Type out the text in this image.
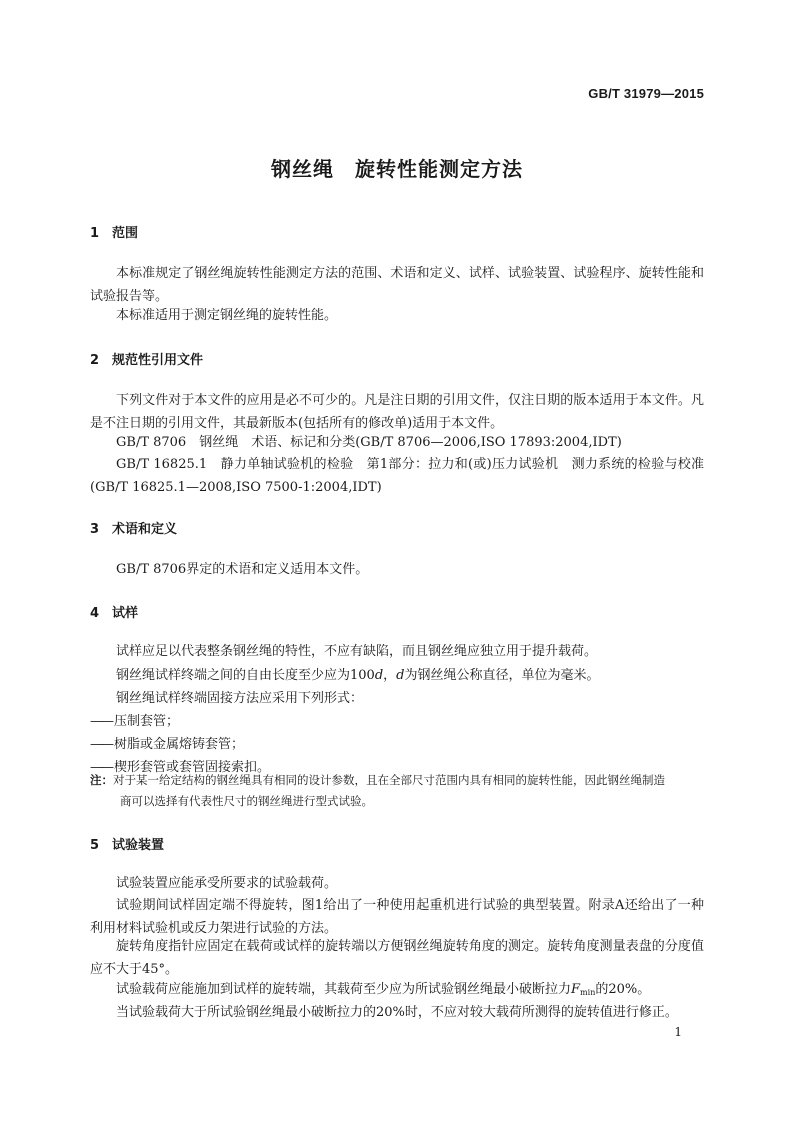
GB/T 31979—2015
钢丝绳　旋转性能测定方法
1 范围
本标准规定了钢丝绳旋转性能测定方法的范围、术语和定义、试样、试验装置、试验程序、旋转性能和试验报告等。
本标准适用于测定钢丝绳的旋转性能。
2 规范性引用文件
下列文件对于本文件的应用是必不可少的。凡是注日期的引用文件，仅注日期的版本适用于本文件。凡是不注日期的引用文件，其最新版本(包括所有的修改单)适用于本文件。
GB/T 8706　钢丝绳　术语、标记和分类(GB/T 8706—2006,ISO 17893:2004,IDT)
GB/T 16825.1　静力单轴试验机的检验　第1部分：拉力和(或)压力试验机　测力系统的检验与校准(GB/T 16825.1—2008,ISO 7500-1:2004,IDT)
3 术语和定义
GB/T 8706界定的术语和定义适用本文件。
4 试样
试样应足以代表整条钢丝绳的特性，不应有缺陷，而且钢丝绳应独立用于提升载荷。
钢丝绳试样终端之间的自由长度至少应为100d，d为钢丝绳公称直径，单位为毫米。
钢丝绳试样终端固接方法应采用下列形式：
—— 压制套管；
—— 树脂或金属熔铸套管；
—— 楔形套管或套管固接索扣。
注：对于某一给定结构的钢丝绳具有相同的设计参数，且在全部尺寸范围内具有相同的旋转性能，因此钢丝绳制造
商可以选择有代表性尺寸的钢丝绳进行型式试验。
5 试验装置
试验装置应能承受所要求的试验载荷。
试验期间试样固定端不得旋转，图1给出了一种使用起重机进行试验的典型装置。附录A还给出了一种利用材料试验机或反力架进行试验的方法。
旋转角度指针应固定在载荷或试样的旋转端以方便钢丝绳旋转角度的测定。旋转角度测量表盘的分度值应不大于45°。
试验载荷应能施加到试样的旋转端，其载荷至少应为所试验钢丝绳最小破断拉力$F_{min}$的20%。
当试验载荷大于所试验钢丝绳最小破断拉力的20%时，不应对较大载荷所测得的旋转值进行修正。
1
